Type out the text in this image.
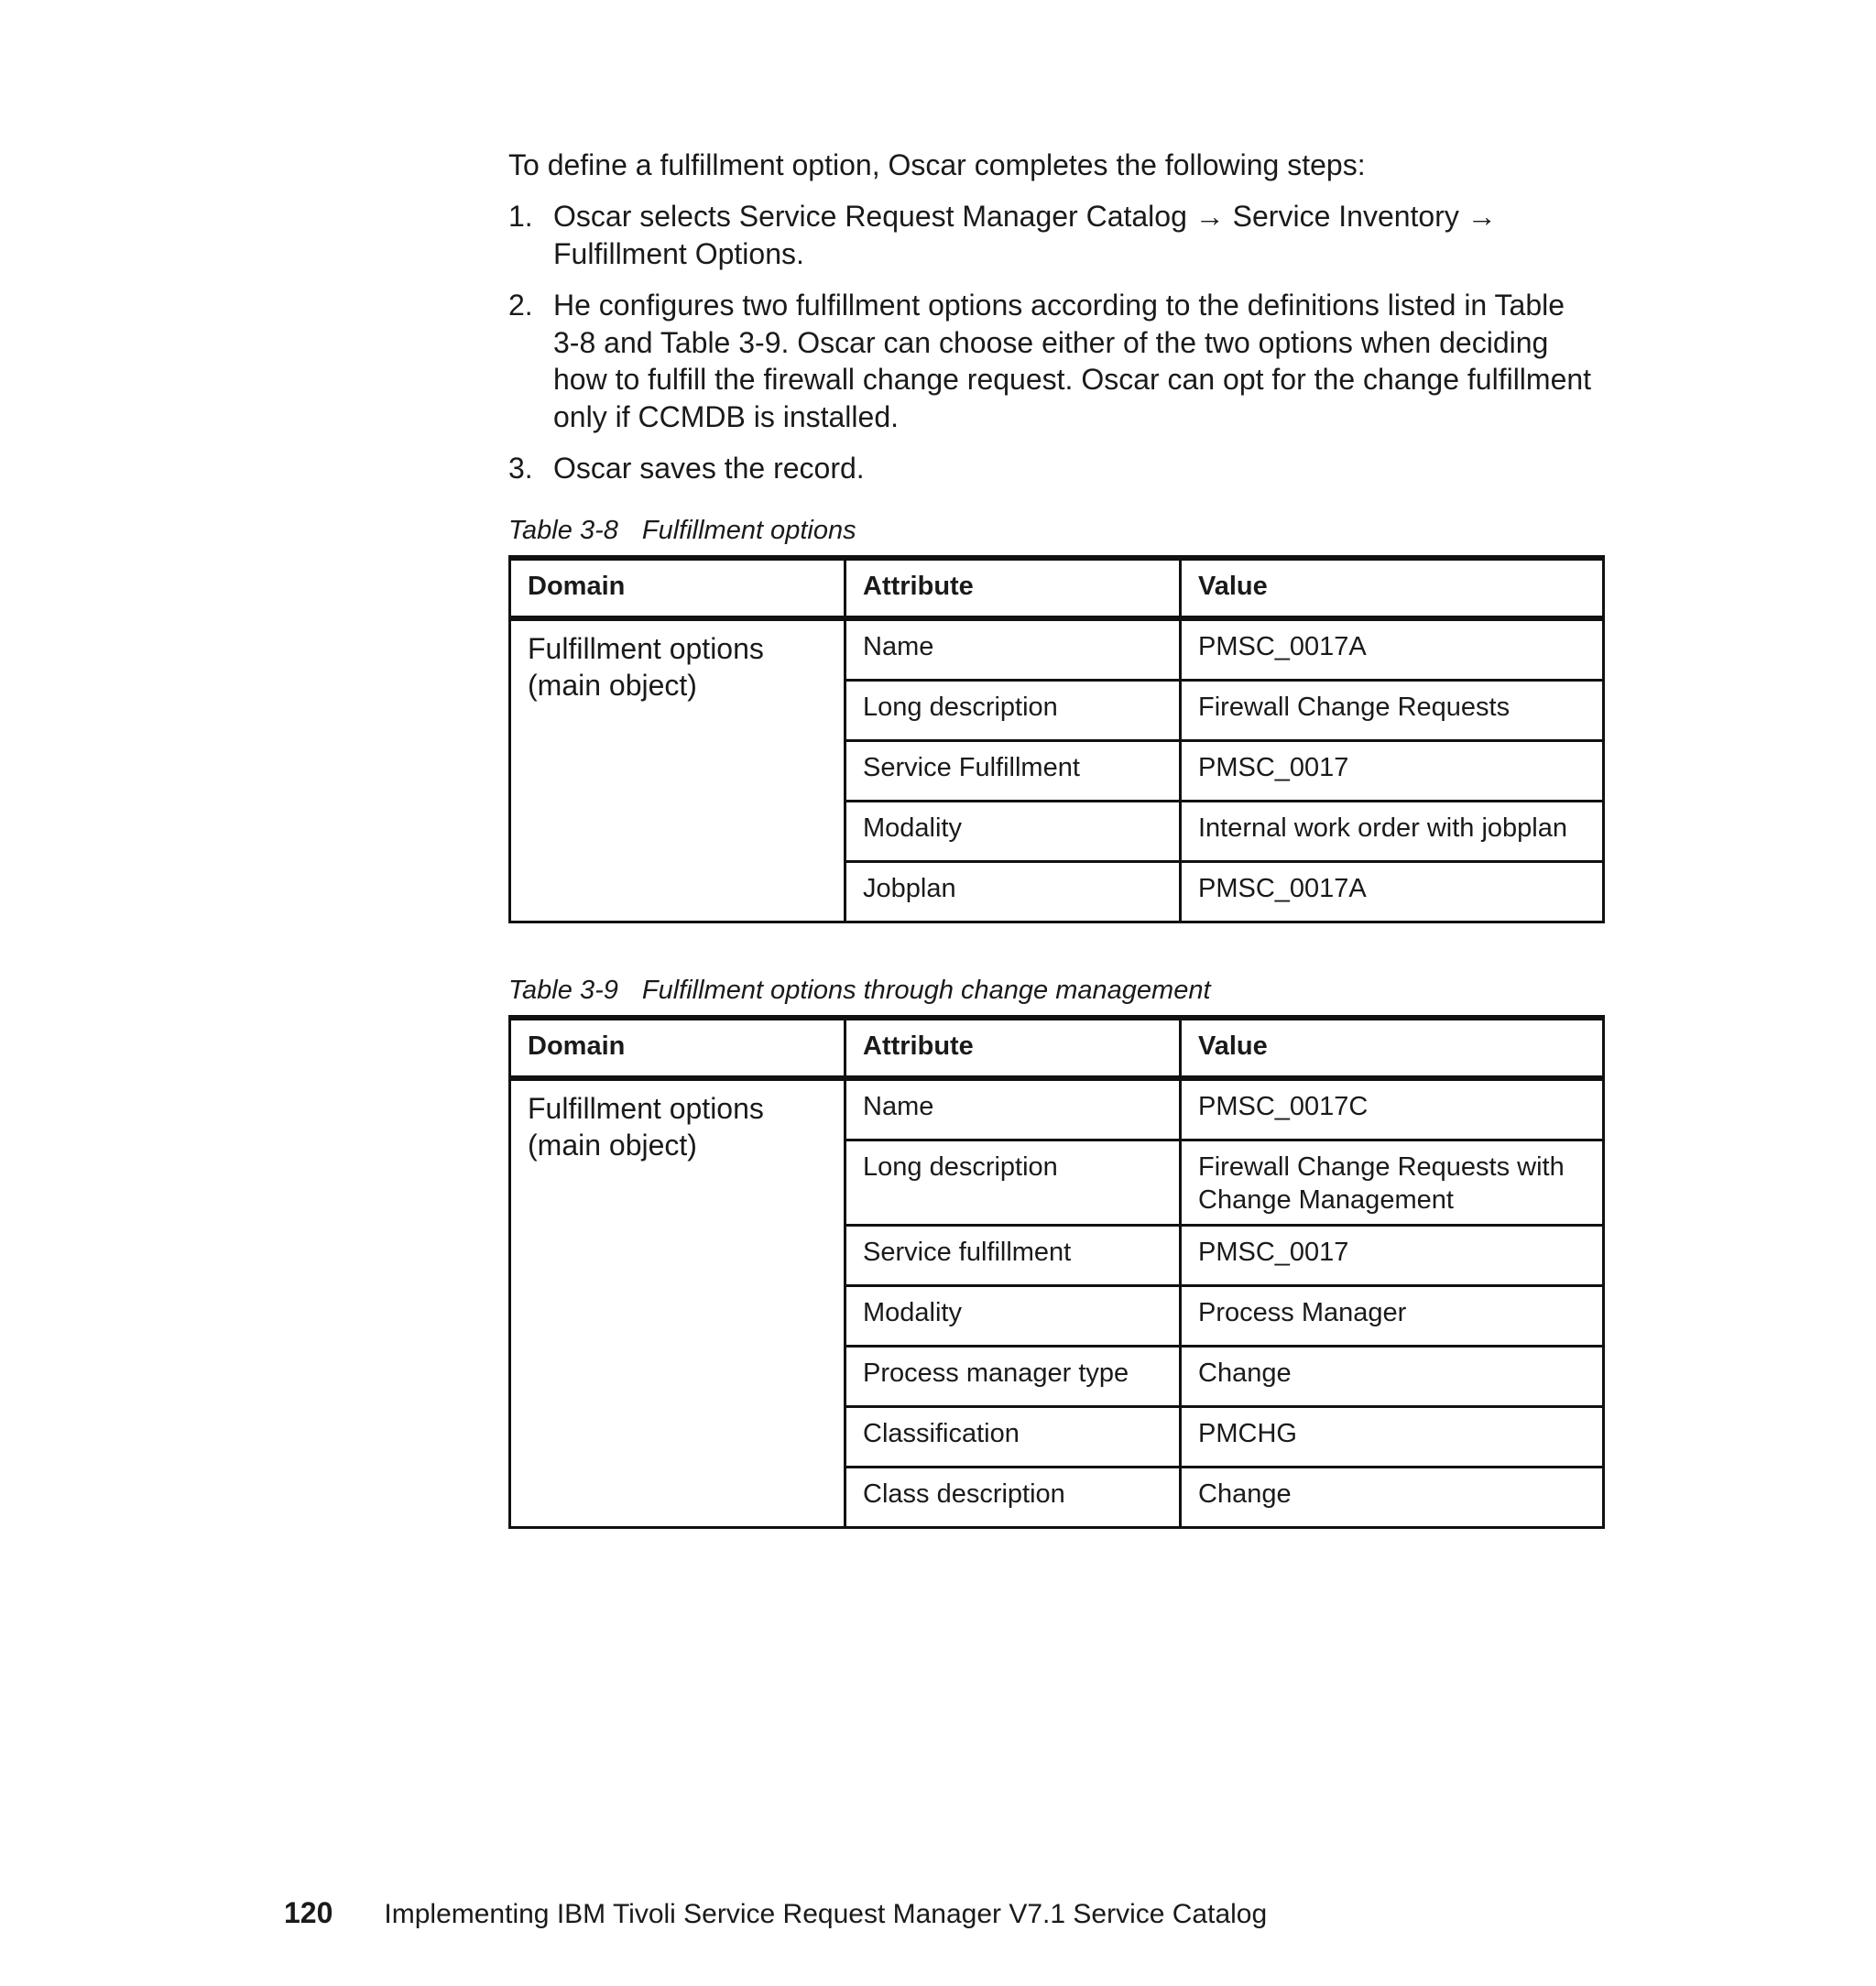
To define a fulfillment option, Oscar completes the following steps:

1. Oscar selects Service Request Manager Catalog → Service Inventory → Fulfillment Options.
2. He configures two fulfillment options according to the definitions listed in Table 3-8 and Table 3-9. Oscar can choose either of the two options when deciding how to fulfill the firewall change request. Oscar can opt for the change fulfillment only if CCMDB is installed.
3. Oscar saves the record.

Table 3-8 Fulfillment options

Domain	Attribute	Value
Fulfillment options (main object)	Name	PMSC_0017A
	Long description	Firewall Change Requests
	Service Fulfillment	PMSC_0017
	Modality	Internal work order with jobplan
	Jobplan	PMSC_0017A

Table 3-9 Fulfillment options through change management

Domain	Attribute	Value
Fulfillment options (main object)	Name	PMSC_0017C
	Long description	Firewall Change Requests with Change Management
	Service fulfillment	PMSC_0017
	Modality	Process Manager
	Process manager type	Change
	Classification	PMCHG
	Class description	Change
120 Implementing IBM Tivoli Service Request Manager V7.1 Service Catalog
